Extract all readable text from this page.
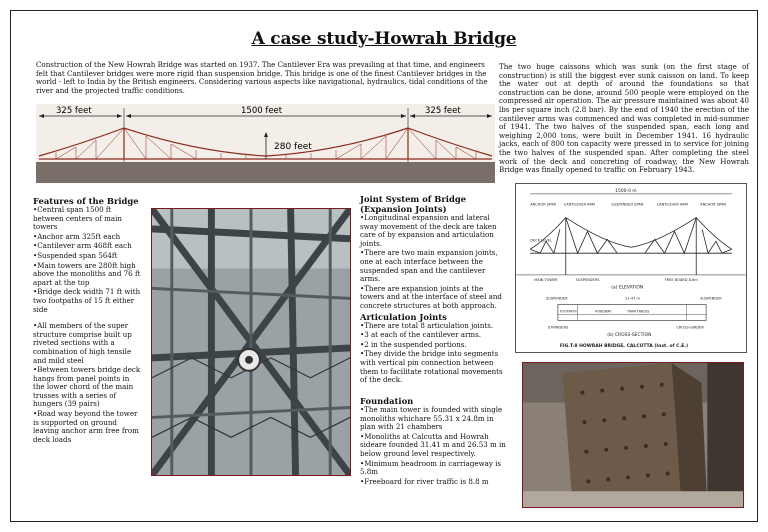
A case study-Howrah Bridge
Construction of the New Howrah Bridge was started on 1937. The Cantilever Era was prevailing at that time, and engineers felt that Cantilever bridges were more rigid than suspension bridge. This bridge is one of the finest Cantilever bridges in the world - left to India by the British engineers. Considering various aspects like navigational, hydraulics, tidal conditions of the river and the projected traffic conditions.
325 feet	1500 feet	325 feet
280 feet
The two huge caissons which was sunk (on the first stage of construction) is still the biggest ever sunk caisson on land. To keep the water out at depth of around the foundations so that construction can be done, around 500 people were employed on the compressed air operation. The air pressure maintained was about 40 lbs per square inch (2.8 bar). By the end of 1940 the erection of the cantilever arms was commenced and was completed in mid-summer of 1941. The two halves of the suspended span, each long and weighing 2,000 tons, were built in December 1941. 16 hydraulic jacks, each of 800 ton capacity were pressed in to service for joining the two halves of the suspended span. After completing the steel work of the deck and concreting of roadway, the New Howrah Bridge was finally opened to traffic on February 1943.
Features of the Bridge

• Central span 1500 ft between centers of main towers

• Anchor arm 325ft each

• Cantilever arm 468ft each

• Suspended span 564ft

• Main towers are 280ft high above the monoliths and 76 ft apart at the top

• Bridge deck width 71 ft with two footpaths of 15 ft either side

• All members of the super structure comprise built up riveted sections with a combination of high tensile and mild steel

• Between towers bridge deck hangs from panel points in the lower chord of the main trusses with a series of hungers (39 pairs)

• Road way beyond the tower is supported on ground leaving anchor arm free from deck loads

Joint System of Bridge (Expansion Joints)

• Longitudinal expansion and lateral sway movement of the deck are taken care of by expansion and articulation joints.

• There are two main expansion joints, one at each interface between the suspended span and the cantilever arms.

• There are expansion joints at the towers and at the interface of steel and concrete structures at both approach.

Articulation Joints

• There are total 8 articulation joints.

• 3 at each of the cantilever arms.

• 2 in the suspended portions.

• They divide the bridge into segments with vertical pin connection between them to facilitate rotational movements of the deck.

Foundation

• The main tower is founded with single monoliths whichare 55.31 x 24.8m in plan with 21 chambers

• Monoliths at Calcutta and Howrah sideare founded 31.41 m and 26.53 m in below ground level respectively.

• Minimum headroom in carriageway is 5.8m

• Freeboard for river traffic is 8.8 m

1500-0 m
ANCHOR SPAN CANTILEVER ARM	SUSPENDED SPAN	CANTILEVER ARM	ANCHOR SPAN
DECK LEVEL
MAIN TOWER	SUSPENDERS	FREE BOARD 8.8m
(a) ELEVATION
21-47 m
SUSPENDER	SUSPENDER
FOOTPATH	ROADWAY	TRAM TRACKS
STRINGERS	CROSS-GIRDER
(b) CROSS-SECTION
FIG.T-8 HOWRAH BRIDGE, CALCUTTA (Inst. of C.E.)
